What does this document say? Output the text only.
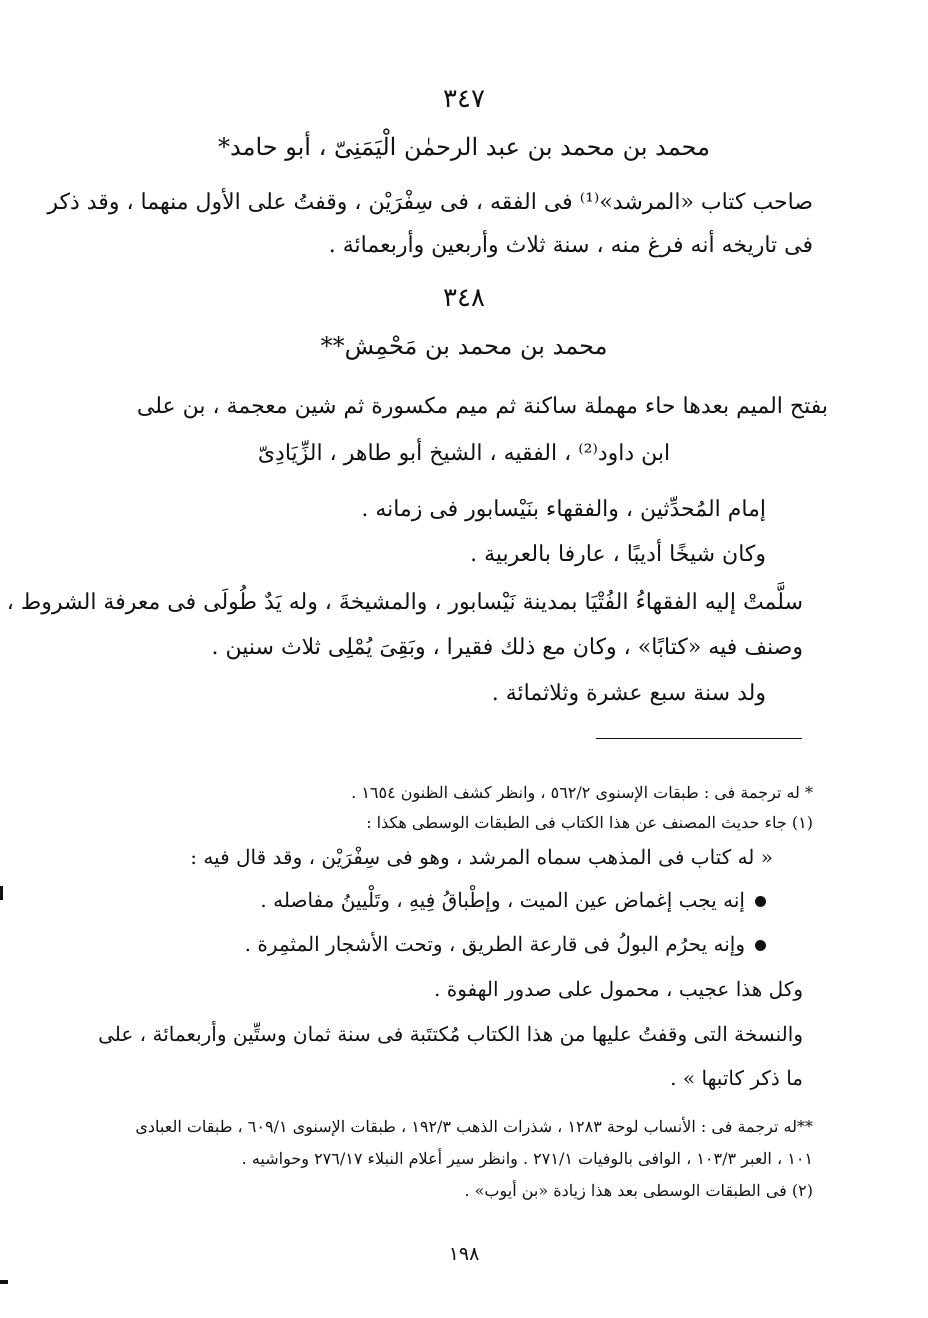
٣٤٧
محمد بن محمد بن عبد الرحمٰن الْيَمَنِىّ ، أبو حامد*
صاحب كتاب «المرشد»⁽¹⁾ فى الفقه ، فى سِفْرَيْن ، وقفتُ على الأول منهما ، وقد ذكر
فى تاريخه أنه فرغ منه ، سنة ثلاث وأربعين وأربعمائة .
٣٤٨
محمد بن محمد بن مَحْمِش**
بفتح الميم بعدها حاء مهملة ساكنة ثم ميم مكسورة ثم شين معجمة ، بن على
ابن داود⁽²⁾ ، الفقيه ، الشيخ أبو طاهر ، الزِّيَادِىّ
إمام المُحدِّثين ، والفقهاء بنَيْسابور فى زمانه .
وكان شيخًا أديبًا ، عارفا بالعربية .
سلَّمتْ إليه الفقهاءُ الفُتْيَا بمدينة نَيْسابور ، والمشيخةَ ، وله يَدٌ طُولَى فى معرفة الشروط ،
وصنف فيه «كتابًا» ، وكان مع ذلك فقيرا ، وبَقِىَ يُمْلِى ثلاث سنين .
ولد سنة سبع عشرة وثلاثمائة .
* له ترجمة فى : طبقات الإسنوى ٥٦٢/٢ ، وانظر كشف الظنون ١٦٥٤ .
(١) جاء حديث المصنف عن هذا الكتاب فى الطبقات الوسطى هكذا :
« له كتاب فى المذهب سماه المرشد ، وهو فى سِفْرَيْن ، وقد قال فيه :
إنه يجب إغماض عين الميت ، وإطْباقُ فِيهِ ، وتَلْيينُ مفاصله .
وإنه يحرُم البولُ فى قارعة الطريق ، وتحت الأشجار المثمِرة .
وكل هذا عجيب ، محمول على صدور الهفوة .
والنسخة التى وقفتُ عليها من هذا الكتاب مُكتتَبة فى سنة ثمان وستِّين وأربعمائة ، على
ما ذكر كاتبها » .
**له ترجمة فى : الأنساب لوحة ١٢٨٣ ، شذرات الذهب ١٩٢/٣ ، طبقات الإسنوى ٦٠٩/١ ، طبقات العبادى
١٠١ ، العبر ١٠٣/٣ ، الوافى بالوفيات ٢٧١/١ . وانظر سير أعلام النبلاء ٢٧٦/١٧ وحواشيه .
(٢) فى الطبقات الوسطى بعد هذا زيادة «بن أيوب» .
١٩٨
